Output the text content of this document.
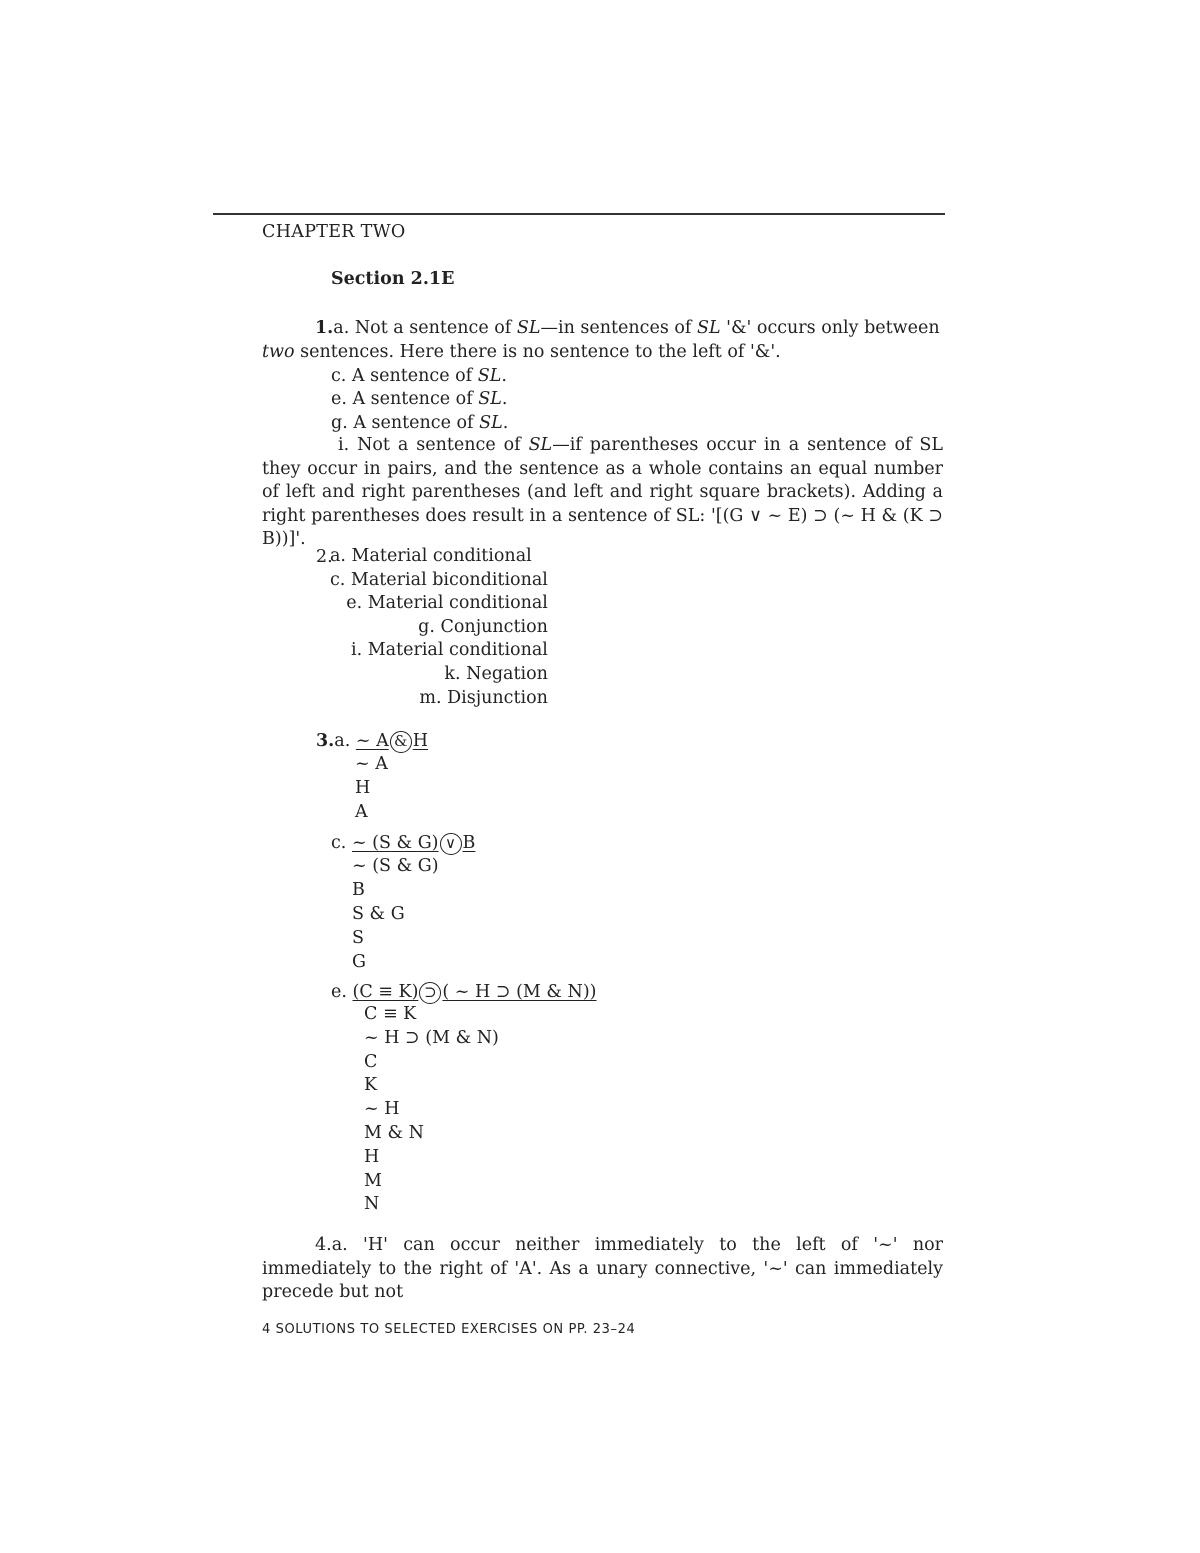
CHAPTER TWO
Section 2.1E
1.a. Not a sentence of SL—in sentences of SL '&' occurs only between
two sentences. Here there is no sentence to the left of '&'.
c. A sentence of SL.
e. A sentence of SL.
g. A sentence of SL.
i. Not a sentence of SL—if parentheses occur in a sentence of SL they occur in pairs, and the sentence as a whole contains an equal number of left and right parentheses (and left and right square brackets). Adding a right parentheses does result in a sentence of SL: '[(G ∨ ~ E) ⊃ (~ H & (K ⊃ B))]'.
2.
a. Material conditional
c. Material biconditional
e. Material conditional
g. Conjunction
i. Material conditional
k. Negation
m. Disjunction
3.a. ~ A & H
~ A
H
A
c. ~ (S & G) ∨ B
~ (S & G)
B
S & G
S
G
e. (C ≡ K) ⊃ ( ~ H ⊃ (M & N))
C ≡ K
~ H ⊃ (M & N)
C
K
~ H
M & N
H
M
N
4.a. 'H' can occur neither immediately to the left of '~' nor immediately to the right of 'A'. As a unary connective, '~' can immediately precede but not
4 SOLUTIONS TO SELECTED EXERCISES ON PP. 23–24
